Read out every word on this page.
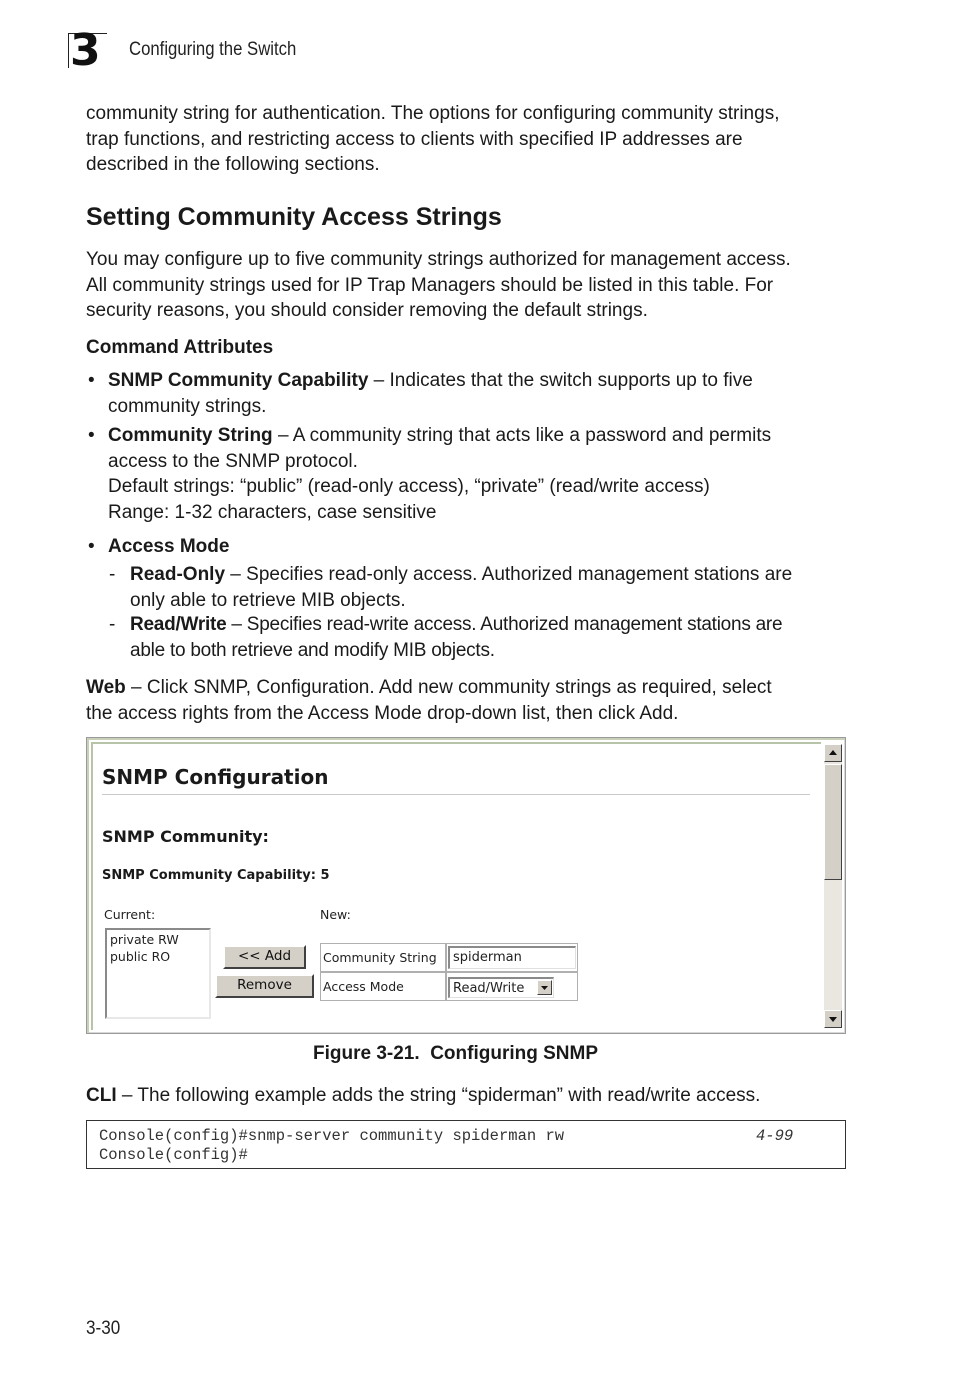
3 Configuring the Switch
community string for authentication. The options for configuring community strings,
trap functions, and restricting access to clients with specified IP addresses are
described in the following sections.
Setting Community Access Strings
You may configure up to five community strings authorized for management access.
All community strings used for IP Trap Managers should be listed in this table. For
security reasons, you should consider removing the default strings.
Command Attributes
• SNMP Community Capability – Indicates that the switch supports up to five
community strings.
• Community String – A community string that acts like a password and permits
access to the SNMP protocol.
Default strings: “public” (read-only access), “private” (read/write access)
Range: 1-32 characters, case sensitive
• Access Mode
- Read-Only – Specifies read-only access. Authorized management stations are
only able to retrieve MIB objects.
- Read/Write – Specifies read-write access. Authorized management stations are
able to both retrieve and modify MIB objects.
Web – Click SNMP, Configuration. Add new community strings as required, select
the access rights from the Access Mode drop-down list, then click Add.
SNMP Configuration
SNMP Community:
SNMP Community Capability: 5
Current:	New:
private RW
public RO	<< Add
Remove
Community String	spiderman
Access Mode	Read/Write
Figure 3-21.  Configuring SNMP
CLI – The following example adds the string “spiderman” with read/write access.
Console(config)#snmp-server community spiderman rw	4-99
Console(config)#
3-30
